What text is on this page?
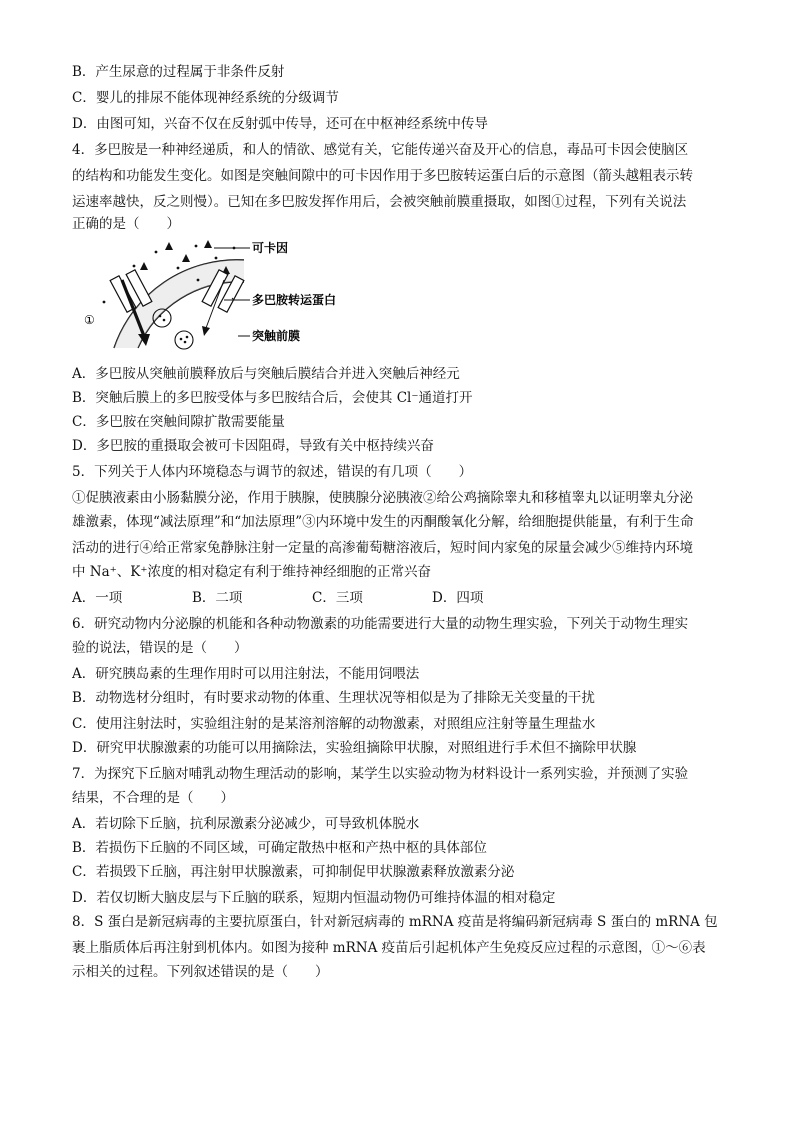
B．产生尿意的过程属于非条件反射
C．婴儿的排尿不能体现神经系统的分级调节
D．由图可知，兴奋不仅在反射弧中传导，还可在中枢神经系统中传导
4．多巴胺是一种神经递质，和人的情欲、感觉有关，它能传递兴奋及开心的信息，毒品可卡因会使脑区
的结构和功能发生变化。如图是突触间隙中的可卡因作用于多巴胺转运蛋白后的示意图（箭头越粗表示转
运速率越快，反之则慢）。已知在多巴胺发挥作用后，会被突触前膜重摄取，如图①过程，下列有关说法
正确的是（　　）
可卡因
多巴胺转运蛋白
突触前膜
①
A．多巴胺从突触前膜释放后与突触后膜结合并进入突触后神经元
B．突触后膜上的多巴胺受体与多巴胺结合后，会使其 Cl⁻通道打开
C．多巴胺在突触间隙扩散需要能量
D．多巴胺的重摄取会被可卡因阻碍，导致有关中枢持续兴奋
5．下列关于人体内环境稳态与调节的叙述，错误的有几项（　　）
①促胰液素由小肠黏膜分泌，作用于胰腺，使胰腺分泌胰液②给公鸡摘除睾丸和移植睾丸以证明睾丸分泌
雄激素，体现“减法原理”和“加法原理”③内环境中发生的丙酮酸氧化分解，给细胞提供能量，有利于生命
活动的进行④给正常家兔静脉注射一定量的高渗葡萄糖溶液后，短时间内家兔的尿量会减少⑤维持内环境
中 Na⁺、K⁺浓度的相对稳定有利于维持神经细胞的正常兴奋
A．一项	B．二项	C．三项	D．四项
6．研究动物内分泌腺的机能和各种动物激素的功能需要进行大量的动物生理实验，下列关于动物生理实
验的说法，错误的是（　　）
A．研究胰岛素的生理作用时可以用注射法，不能用饲喂法
B．动物选材分组时，有时要求动物的体重、生理状况等相似是为了排除无关变量的干扰
C．使用注射法时，实验组注射的是某溶剂溶解的动物激素，对照组应注射等量生理盐水
D．研究甲状腺激素的功能可以用摘除法，实验组摘除甲状腺，对照组进行手术但不摘除甲状腺
7．为探究下丘脑对哺乳动物生理活动的影响，某学生以实验动物为材料设计一系列实验，并预测了实验
结果，不合理的是（　　）
A．若切除下丘脑，抗利尿激素分泌减少，可导致机体脱水
B．若损伤下丘脑的不同区域，可确定散热中枢和产热中枢的具体部位
C．若损毁下丘脑，再注射甲状腺激素，可抑制促甲状腺激素释放激素分泌
D．若仅切断大脑皮层与下丘脑的联系，短期内恒温动物仍可维持体温的相对稳定
8．S 蛋白是新冠病毒的主要抗原蛋白，针对新冠病毒的 mRNA 疫苗是将编码新冠病毒 S 蛋白的 mRNA 包
裹上脂质体后再注射到机体内。如图为接种 mRNA 疫苗后引起机体产生免疫反应过程的示意图，①～⑥表
示相关的过程。下列叙述错误的是（　　）
